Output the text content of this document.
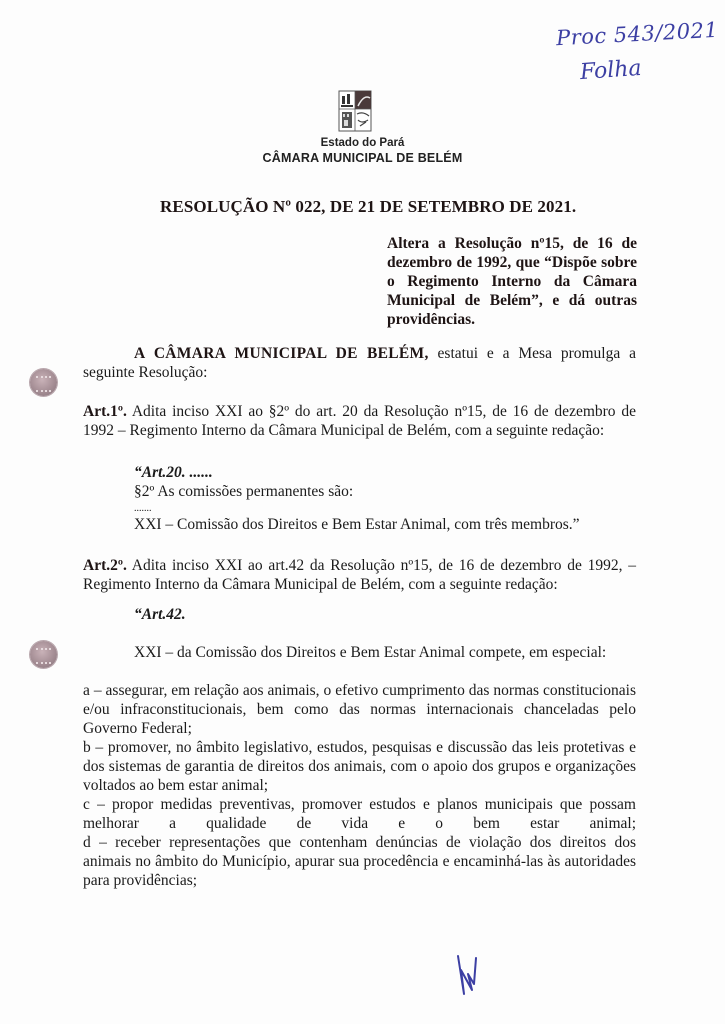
Proc 543/2021
Folha
Estado do Pará
CÂMARA MUNICIPAL DE BELÉM
RESOLUÇÃO Nº 022, DE 21 DE SETEMBRO DE 2021.
Altera a Resolução nº15, de 16 de dezembro de 1992, que “Dispõe sobre o Regimento Interno da Câmara Municipal de Belém”, e dá outras providências.
A CÂMARA MUNICIPAL DE BELÉM, estatui e a Mesa promulga a seguinte Resolução:
Art.1º. Adita inciso XXI ao §2º do art. 20 da Resolução nº15, de 16 de dezembro de 1992 – Regimento Interno da Câmara Municipal de Belém, com a seguinte redação:
“Art.20. ......
§2º As comissões permanentes são:
.......
XXI – Comissão dos Direitos e Bem Estar Animal, com três membros.”
Art.2º. Adita inciso XXI ao art.42 da Resolução nº15, de 16 de dezembro de 1992, – Regimento Interno da Câmara Municipal de Belém, com a seguinte redação:
“Art.42.
XXI – da Comissão dos Direitos e Bem Estar Animal compete, em especial:
a – assegurar, em relação aos animais, o efetivo cumprimento das normas constitucionais e/ou infraconstitucionais, bem como das normas internacionais chanceladas pelo Governo Federal;
b – promover, no âmbito legislativo, estudos, pesquisas e discussão das leis protetivas e dos sistemas de garantia de direitos dos animais, com o apoio dos grupos e organizações voltados ao bem estar animal;
c – propor medidas preventivas, promover estudos e planos municipais que possam melhorar a qualidade de vida e o bem estar animal;
d – receber representações que contenham denúncias de violação dos direitos dos animais no âmbito do Município, apurar sua procedência e encaminhá-las às autoridades para providências;
